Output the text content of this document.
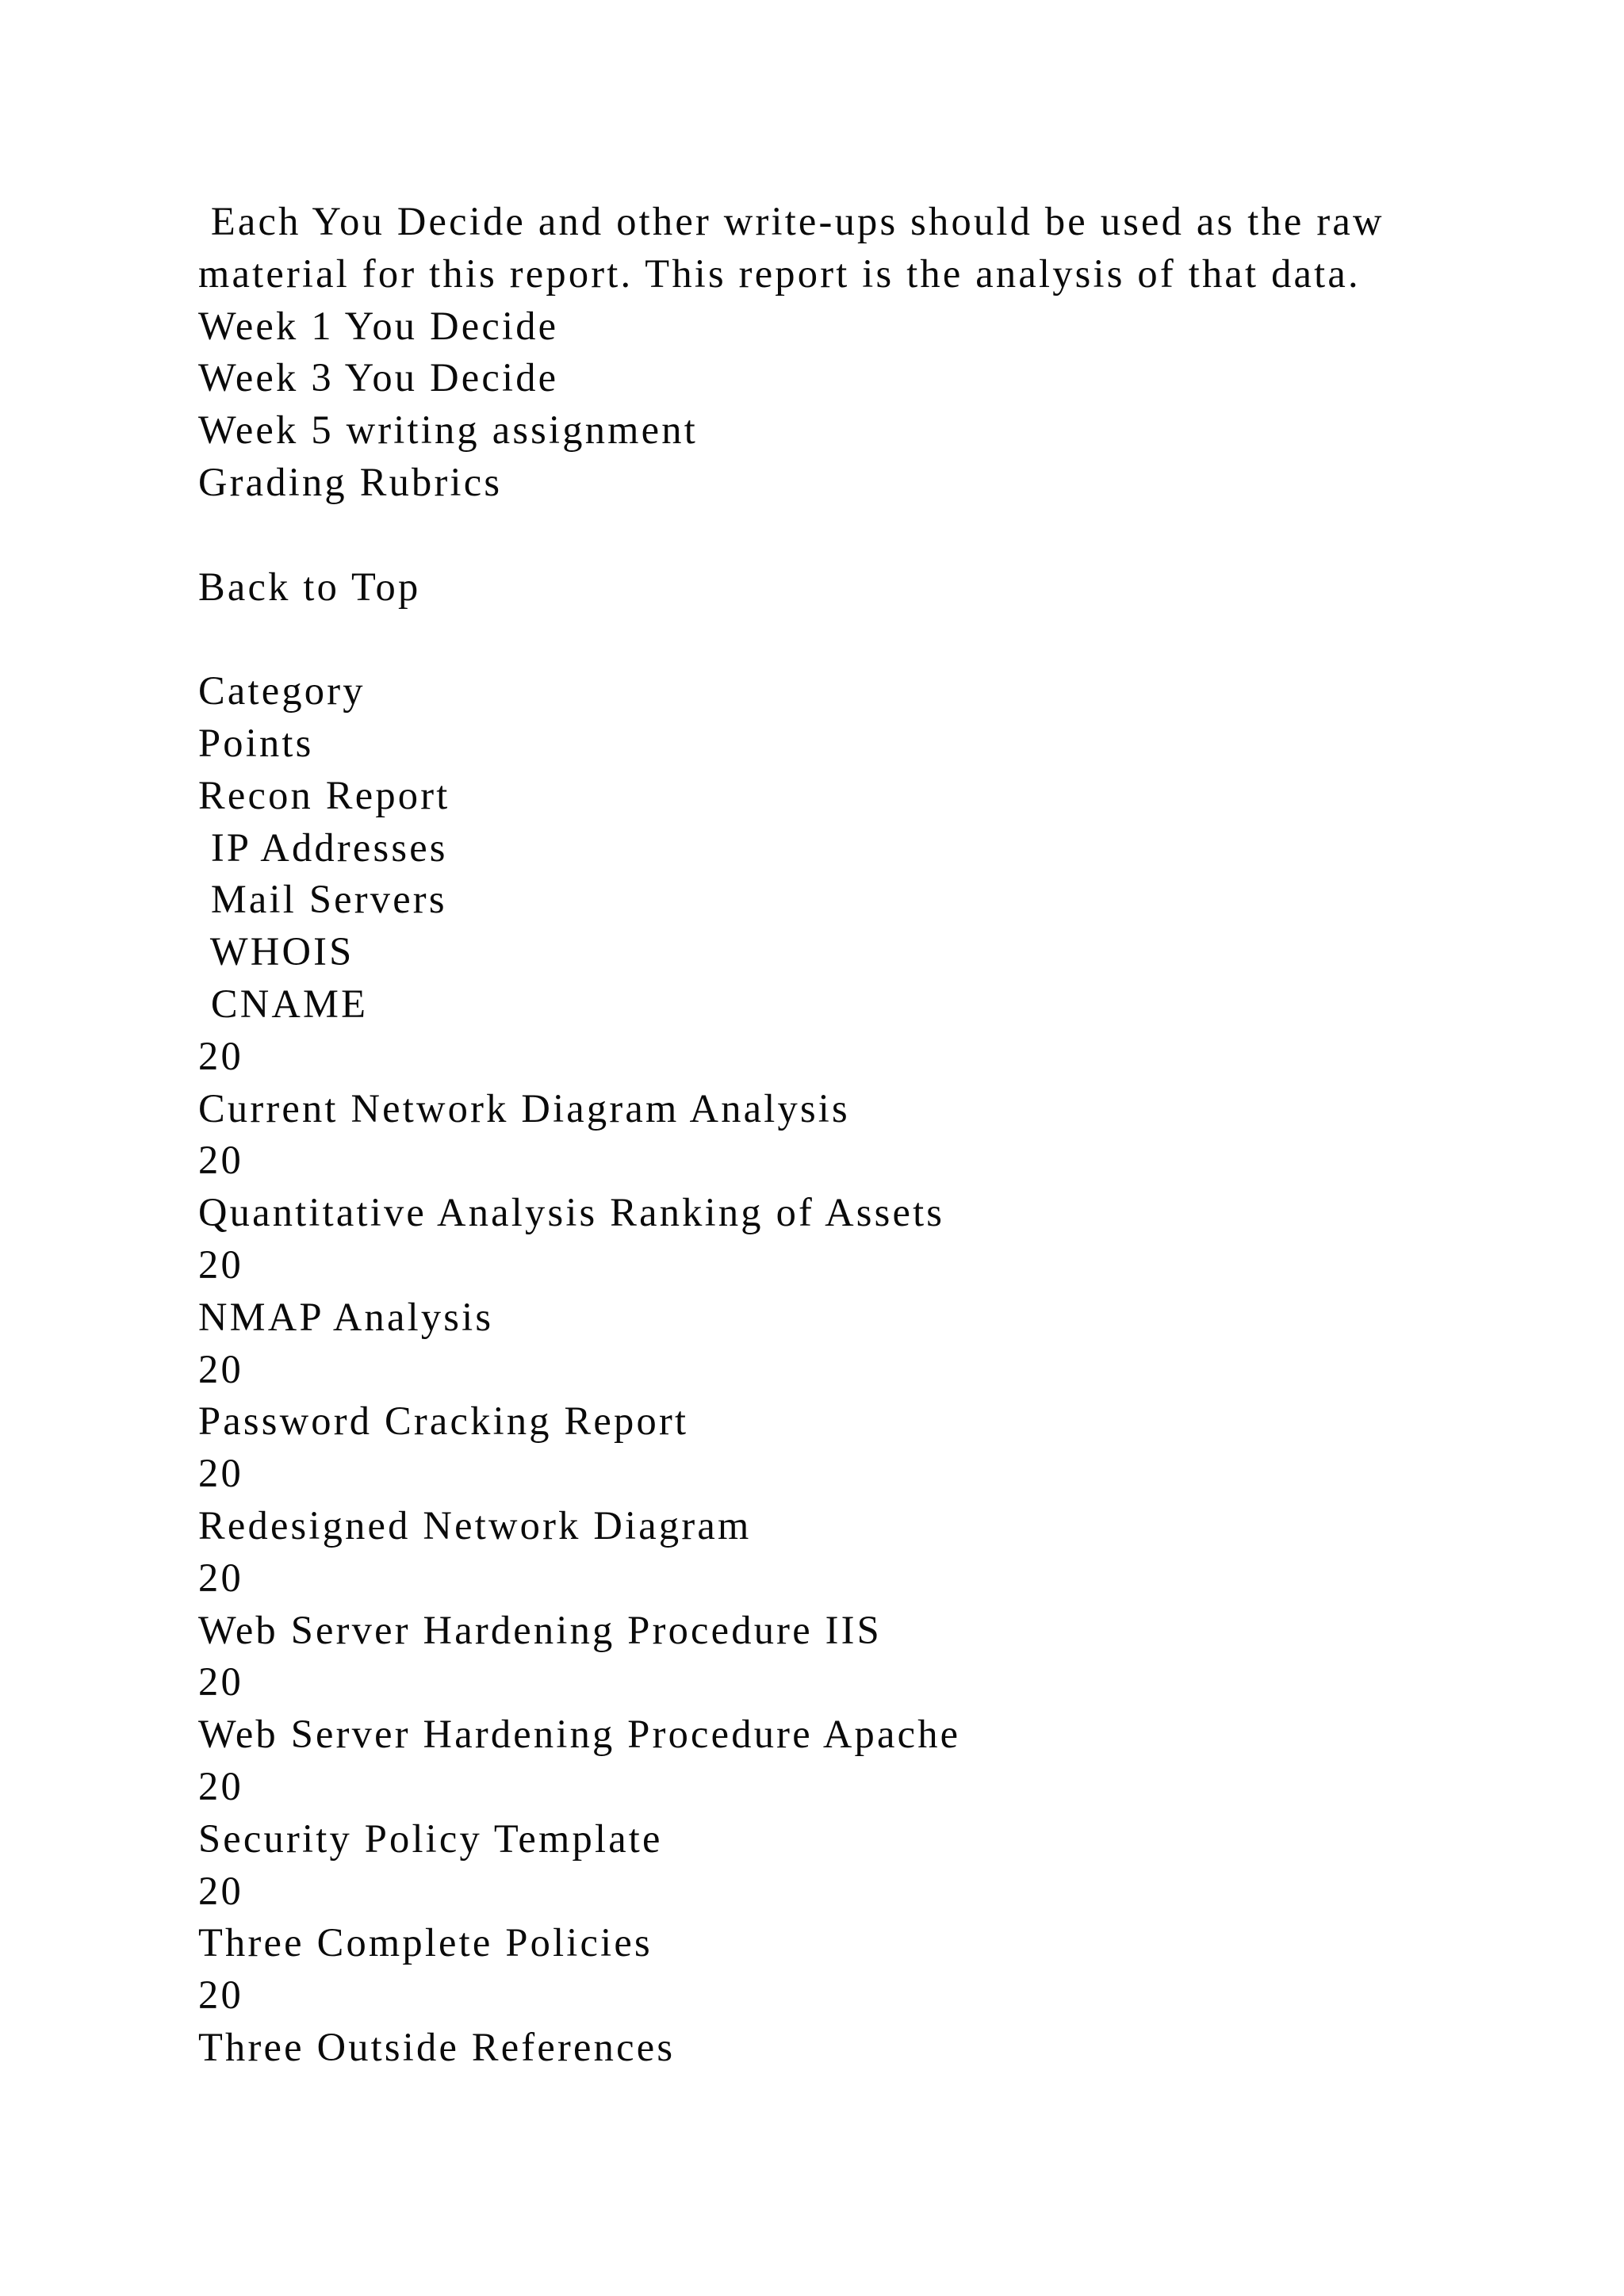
Each You Decide and other write-ups should be used as the raw
material for this report. This report is the analysis of that data.
Week 1 You Decide
Week 3 You Decide
Week 5 writing assignment
Grading Rubrics
Back to Top
Category
Points
Recon Report
IP Addresses
Mail Servers
WHOIS
CNAME
20
Current Network Diagram Analysis
20
Quantitative Analysis Ranking of Assets
20
NMAP Analysis
20
Password Cracking Report
20
Redesigned Network Diagram
20
Web Server Hardening Procedure IIS
20
Web Server Hardening Procedure Apache
20
Security Policy Template
20
Three Complete Policies
20
Three Outside References
